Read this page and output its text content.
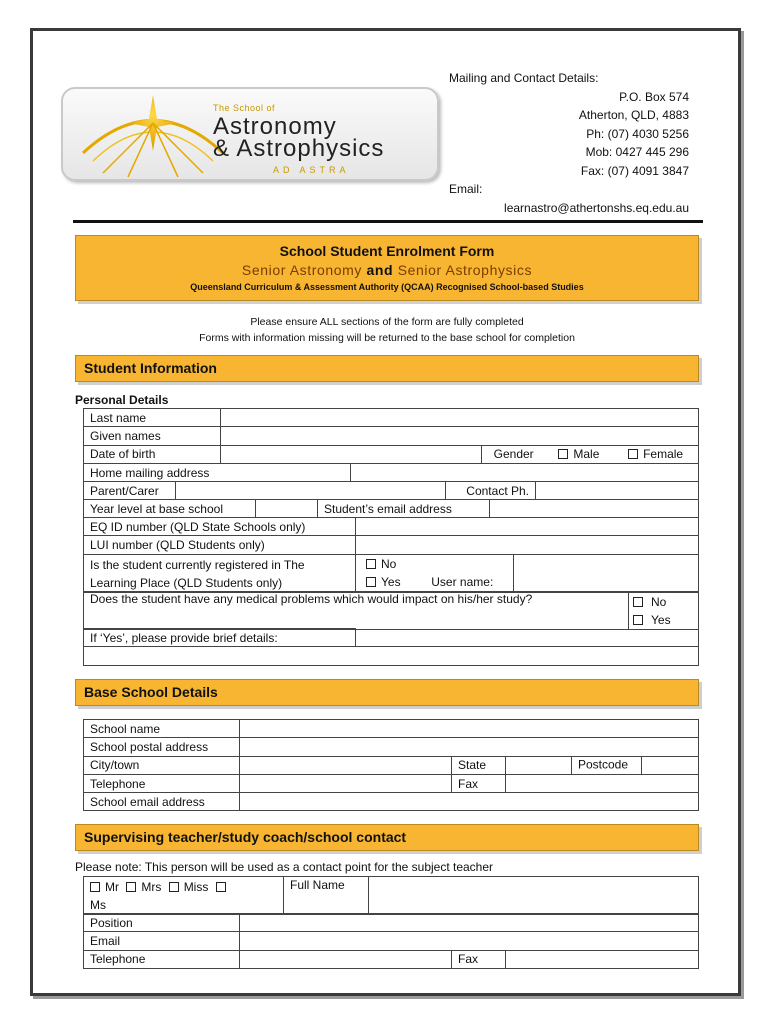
The School of
Astronomy
& Astrophysics
AD ASTRA
Mailing and Contact Details:
P.O. Box 574
Atherton, QLD, 4883
Ph: (07) 4030 5256
Mob: 0427 445 296
Fax: (07) 4091 3847
Email:
learnastro@athertonshs.eq.edu.au
School Student Enrolment Form
Senior Astronomy and Senior Astrophysics
Queensland Curriculum & Assessment Authority (QCAA) Recognised School-based Studies
Please ensure ALL sections of the form are fully completed
Forms with information missing will be returned to the base school for completion
Student Information
Personal Details
Last name			
Given names			
Date of birth			Gender Male Female
Home mailing address			
Parent/Carer		Contact Ph.	
Year level at base school		Student’s email address	
EQ ID number (QLD State Schools only)		
LUI number (QLD Students only)		

Is the student currently registered in The
Learning Place (QLD Students only)	No	
	Yes User name:	
Does the student have any medical problems which would impact on his/her study?	No
Yes

If ‘Yes’, please provide brief details:	

Base School Details
School name				
School postal address				
City/town		State		Postcode
Telephone		Fax		
School email address				
Supervising teacher/study coach/school contact
Please note: This person will be used as a contact point for the subject teacher
Mr Mrs Miss
Ms	Full Name	
Position			
Email			
Telephone		Fax	
